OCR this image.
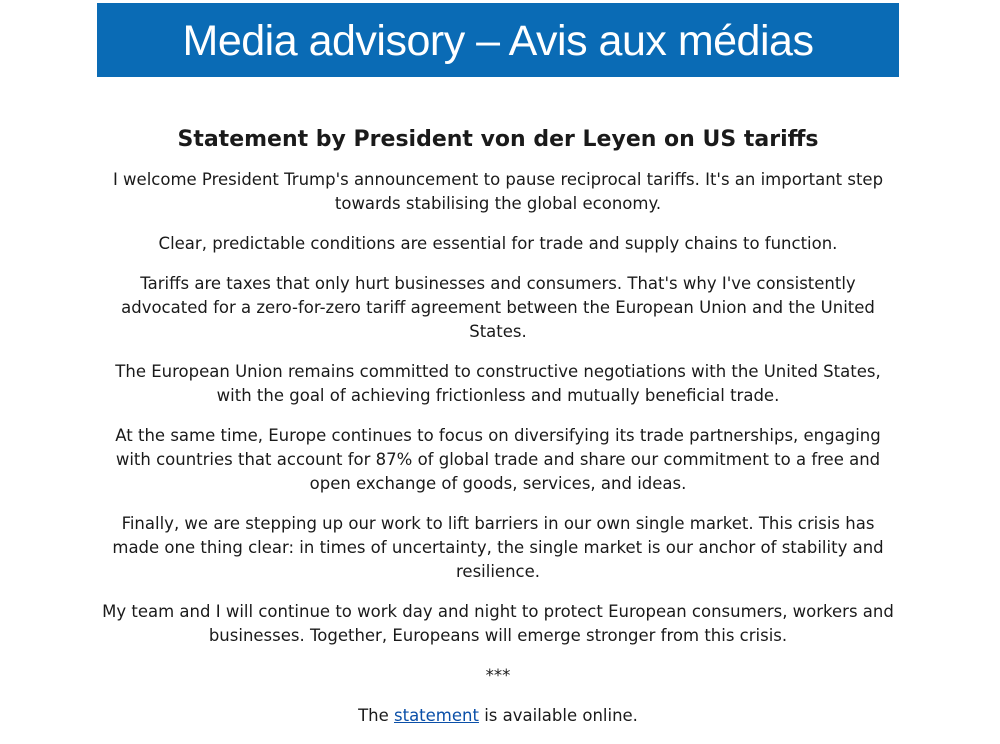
Media advisory – Avis aux médias
Statement by President von der Leyen on US tariffs

I welcome President Trump's announcement to pause reciprocal tariffs. It's an important step towards stabilising the global economy.

Clear, predictable conditions are essential for trade and supply chains to function.

Tariffs are taxes that only hurt businesses and consumers. That's why I've consistently advocated for a zero-for-zero tariff agreement between the European Union and the United States.

The European Union remains committed to constructive negotiations with the United States, with the goal of achieving frictionless and mutually beneficial trade.

At the same time, Europe continues to focus on diversifying its trade partnerships, engaging with countries that account for 87% of global trade and share our commitment to a free and open exchange of goods, services, and ideas.

Finally, we are stepping up our work to lift barriers in our own single market. This crisis has made one thing clear: in times of uncertainty, the single market is our anchor of stability and resilience.

My team and I will continue to work day and night to protect European consumers, workers and businesses. Together, Europeans will emerge stronger from this crisis.

***

The statement is available online.
